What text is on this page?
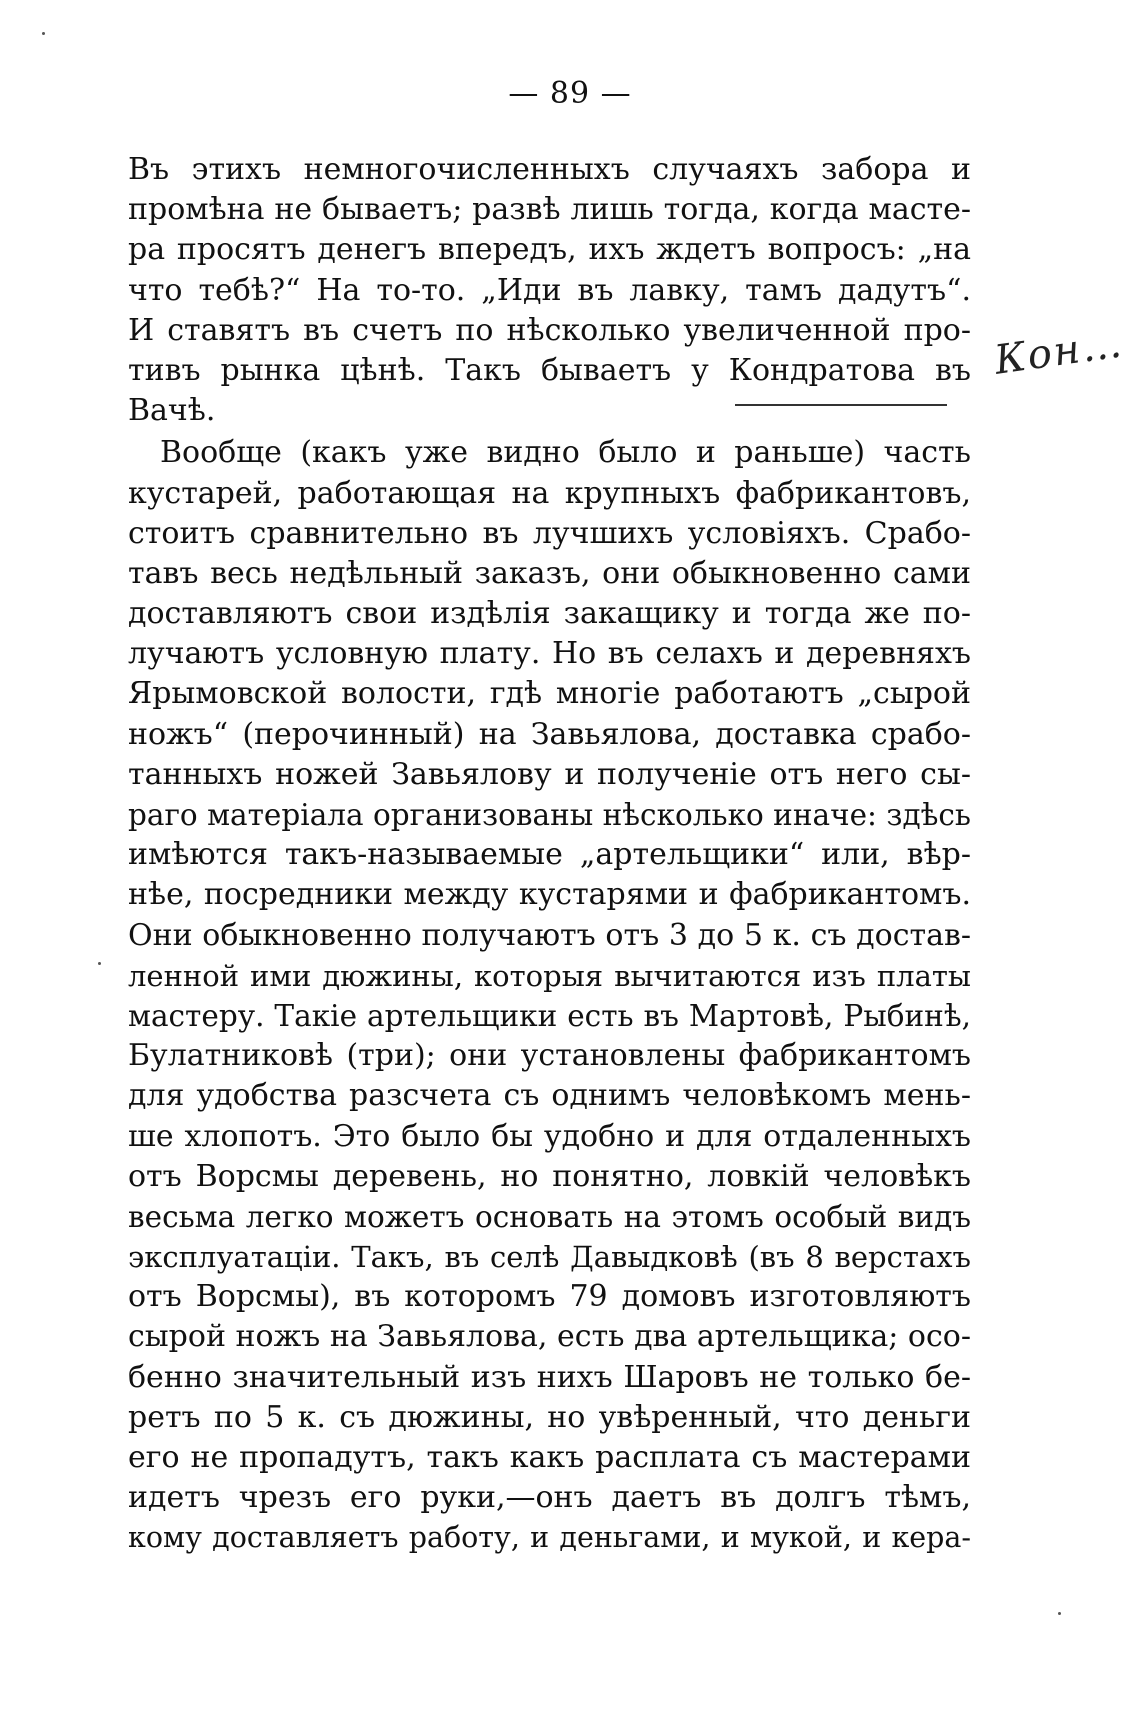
— 89 —
Кон…
Въ этихъ немногочисленныхъ случаяхъ забора и
промѣна не бываетъ; развѣ лишь тогда, когда масте-
ра просятъ денегъ впередъ, ихъ ждетъ вопросъ: „на
что тебѣ?“ На то-то. „Иди въ лавку, тамъ дадутъ“.
И ставятъ въ счетъ по нѣсколько увеличенной про-
тивъ рынка цѣнѣ. Такъ бываетъ у Кондратова въ
Вачѣ.
Вообще (какъ уже видно было и раньше) часть
кустарей, работающая на крупныхъ фабрикантовъ,
стоитъ сравнительно въ лучшихъ условіяхъ. Срабо-
тавъ весь недѣльный заказъ, они обыкновенно сами
доставляютъ свои издѣлія закащику и тогда же по-
лучаютъ условную плату. Но въ селахъ и деревняхъ
Ярымовской волости, гдѣ многіе работаютъ „сырой
ножъ“ (перочинный) на Завьялова, доставка срабо-
танныхъ ножей Завьялову и полученіе отъ него сы-
раго матеріала организованы нѣсколько иначе: здѣсь
имѣются такъ-называемые „артельщики“ или, вѣр-
нѣе, посредники между кустарями и фабрикантомъ.
Они обыкновенно получаютъ отъ 3 до 5 к. съ достав-
ленной ими дюжины, которыя вычитаются изъ платы
мастеру. Такіе артельщики есть въ Мартовѣ, Рыбинѣ,
Булатниковѣ (три); они установлены фабрикантомъ
для удобства разсчета съ однимъ человѣкомъ мень-
ше хлопотъ. Это было бы удобно и для отдаленныхъ
отъ Ворсмы деревень, но понятно, ловкій человѣкъ
весьма легко можетъ основать на этомъ особый видъ
эксплуатаціи. Такъ, въ селѣ Давыдковѣ (въ 8 верстахъ
отъ Ворсмы), въ которомъ 79 домовъ изготовляютъ
сырой ножъ на Завьялова, есть два артельщика; осо-
бенно значительный изъ нихъ Шаровъ не только бе-
ретъ по 5 к. съ дюжины, но увѣренный, что деньги
его не пропадутъ, такъ какъ расплата съ мастерами
идетъ чрезъ его руки,—онъ даетъ въ долгъ тѣмъ,
кому доставляетъ работу, и деньгами, и мукой, и кера-
